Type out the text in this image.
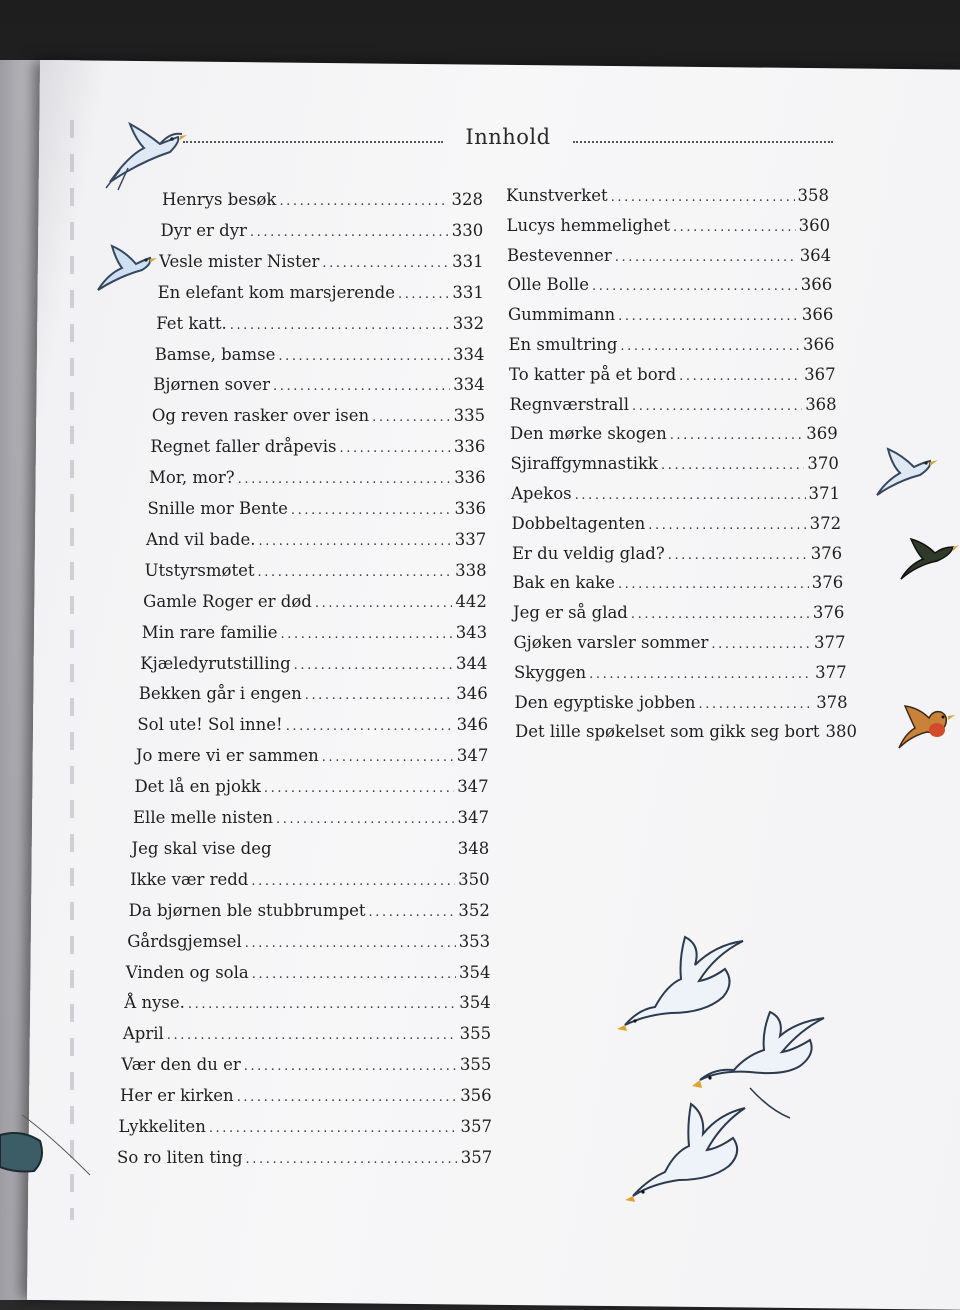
Innhold
Henrys besøk .....	328
Dyr er dyr .....	330
Vesle mister Nister .....	331
En elefant kom marsjerende .....	331
Fet katt. .....	332
Bamse, bamse .....	334
Bjørnen sover .....	334
Og reven rasker over isen .....	335
Regnet faller dråpevis .....	336
Mor, mor? .....	336
Snille mor Bente .....	336
And vil bade. .....	337
Utstyrsmøtet .....	338
Gamle Roger er død .....	442
Min rare familie .....	343
Kjæledyrutstilling .....	344
Bekken går i engen .....	346
Sol ute! Sol inne! .....	346
Jo mere vi er sammen .....	347
Det lå en pjokk .....	347
Elle melle nisten .....	347
Jeg skal vise deg	348
Ikke vær redd .....	350
Da bjørnen ble stubbrumpet .....	352
Gårdsgjemsel .....	353
Vinden og sola .....	354
Å nyse. .....	354
April .....	355
Vær den du er .....	355
Her er kirken .....	356
Lykkeliten .....	357
So ro liten ting .....	357
Kunstverket .....	358
Lucys hemmelighet .....	360
Bestevenner .....	364
Olle Bolle .....	366
Gummimann .....	366
En smultring .....	366
To katter på et bord .....	367
Regnværstrall .....	368
Den mørke skogen .....	369
Sjiraffgymnastikk .....	370
Apekos .....	371
Dobbeltagenten .....	372
Er du veldig glad? .....	376
Bak en kake .....	376
Jeg er så glad .....	376
Gjøken varsler sommer .....	377
Skyggen .....	377
Den egyptiske jobben .....	378
Det lille spøkelset som gikk seg bort 380
